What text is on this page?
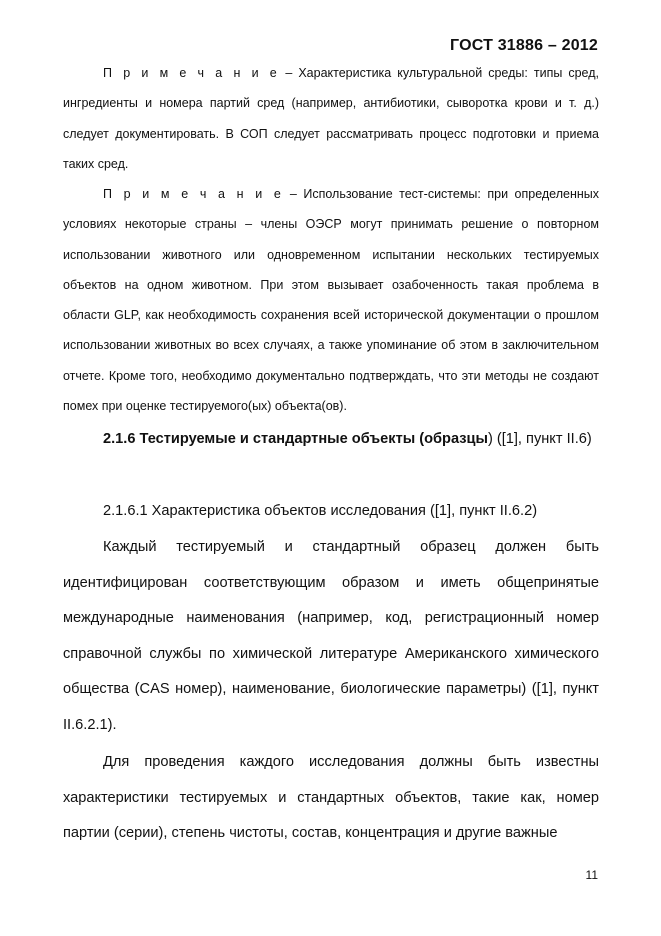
ГОСТ 31886 – 2012

П р и м е ч а н и е – Характеристика культуральной среды: типы сред, ингредиенты и номера партий сред (например, антибиотики, сыворотка крови и т. д.) следует документировать. В СОП следует рассматривать процесс подготовки и приема таких сред.

П р и м е ч а н и е – Использование тест-системы: при определенных условиях некоторые страны – члены ОЭСР могут принимать решение о повторном использовании животного или одновременном испытании нескольких тестируемых объектов на одном животном. При этом вызывает озабоченность такая проблема в области GLP, как необходимость сохранения всей исторической документации о прошлом использовании животных во всех случаях, а также упоминание об этом в заключительном отчете. Кроме того, необходимо документально подтверждать, что эти методы не создают помех при оценке тестируемого(ых) объекта(ов).

2.1.6 Тестируемые и стандартные объекты (образцы) ([1], пункт II.6)

2.1.6.1 Характеристика объектов исследования ([1], пункт II.6.2)

Каждый тестируемый и стандартный образец должен быть идентифицирован соответствующим образом и иметь общепринятые международные наименования (например, код, регистрационный номер справочной службы по химической литературе Американского химического общества (CAS номер), наименование, биологические параметры) ([1], пункт II.6.2.1).

Для проведения каждого исследования должны быть известны характеристики тестируемых и стандартных объектов, такие как, номер партии (серии), степень чистоты, состав, концентрация и другие важные

11
